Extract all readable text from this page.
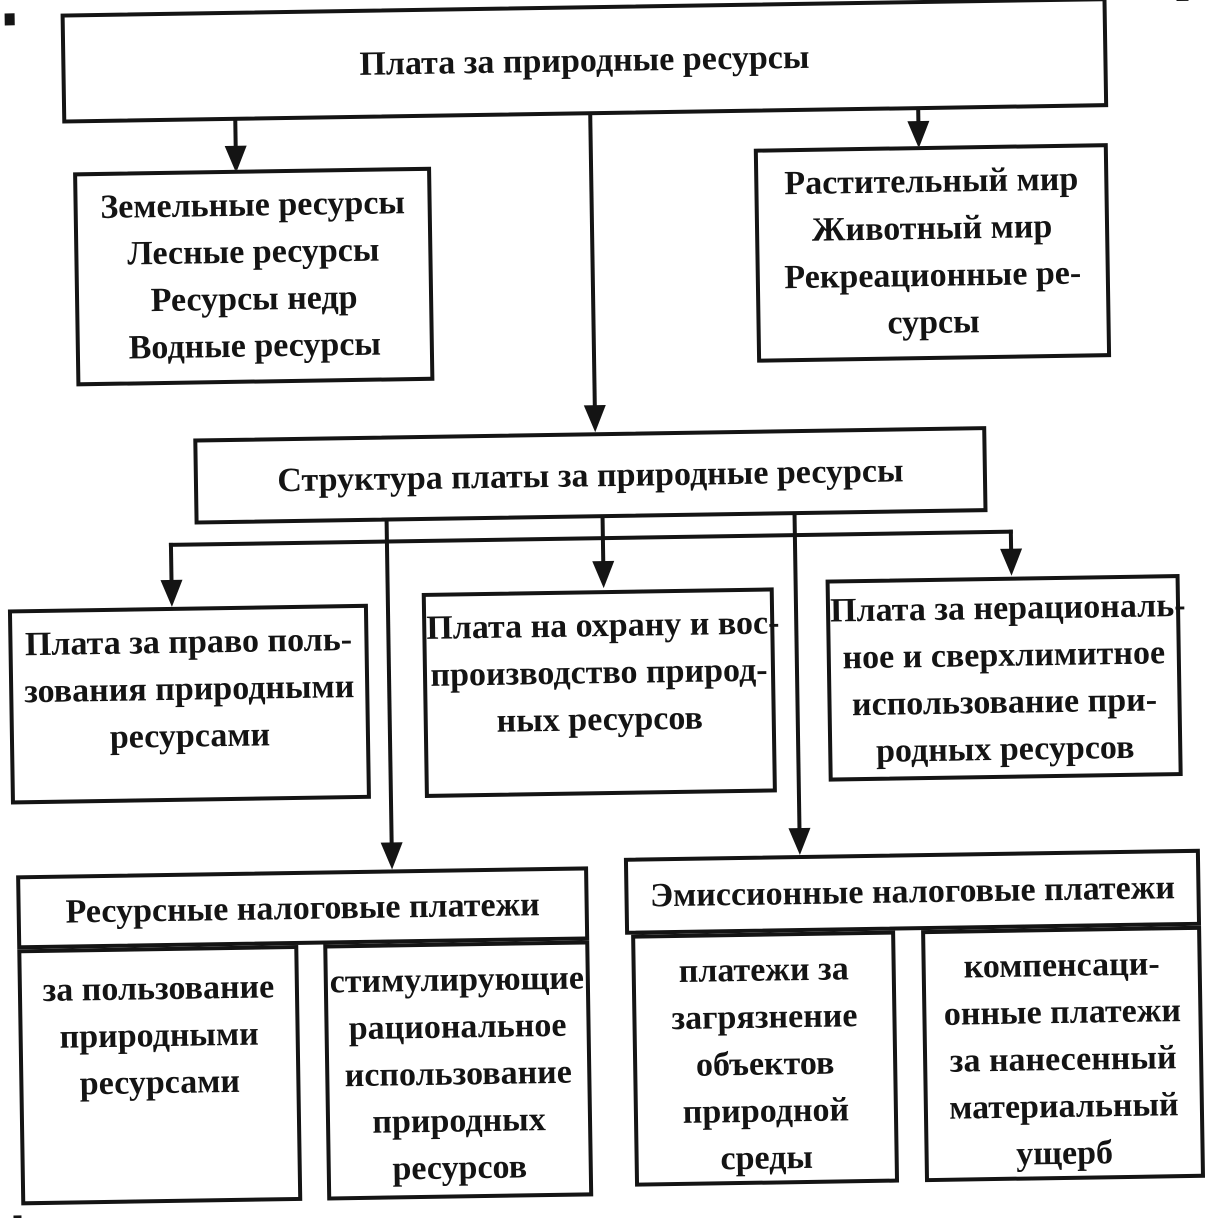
Плата за природные ресурсы
Земельные ресурсы
Лесные ресурсы
Ресурсы недр
Водные ресурсы
Растительный мир
Животный мир
Рекреационные ре-
сурсы
Структура платы за природные ресурсы
Плата за право поль-
зования природными
ресурсами
Плата на охрану и вос-
производство природ-
ных ресурсов
Плата за нерациональ-
ное и сверхлимитное
использование при-
родных ресурсов
Ресурсные налоговые платежи
за пользование
природными
ресурсами
стимулирующие
рациональное
использование
природных
ресурсов
Эмиссионные налоговые платежи
платежи за
загрязнение
объектов
природной
среды
компенсаци-
онные платежи
за нанесенный
материальный
ущерб
